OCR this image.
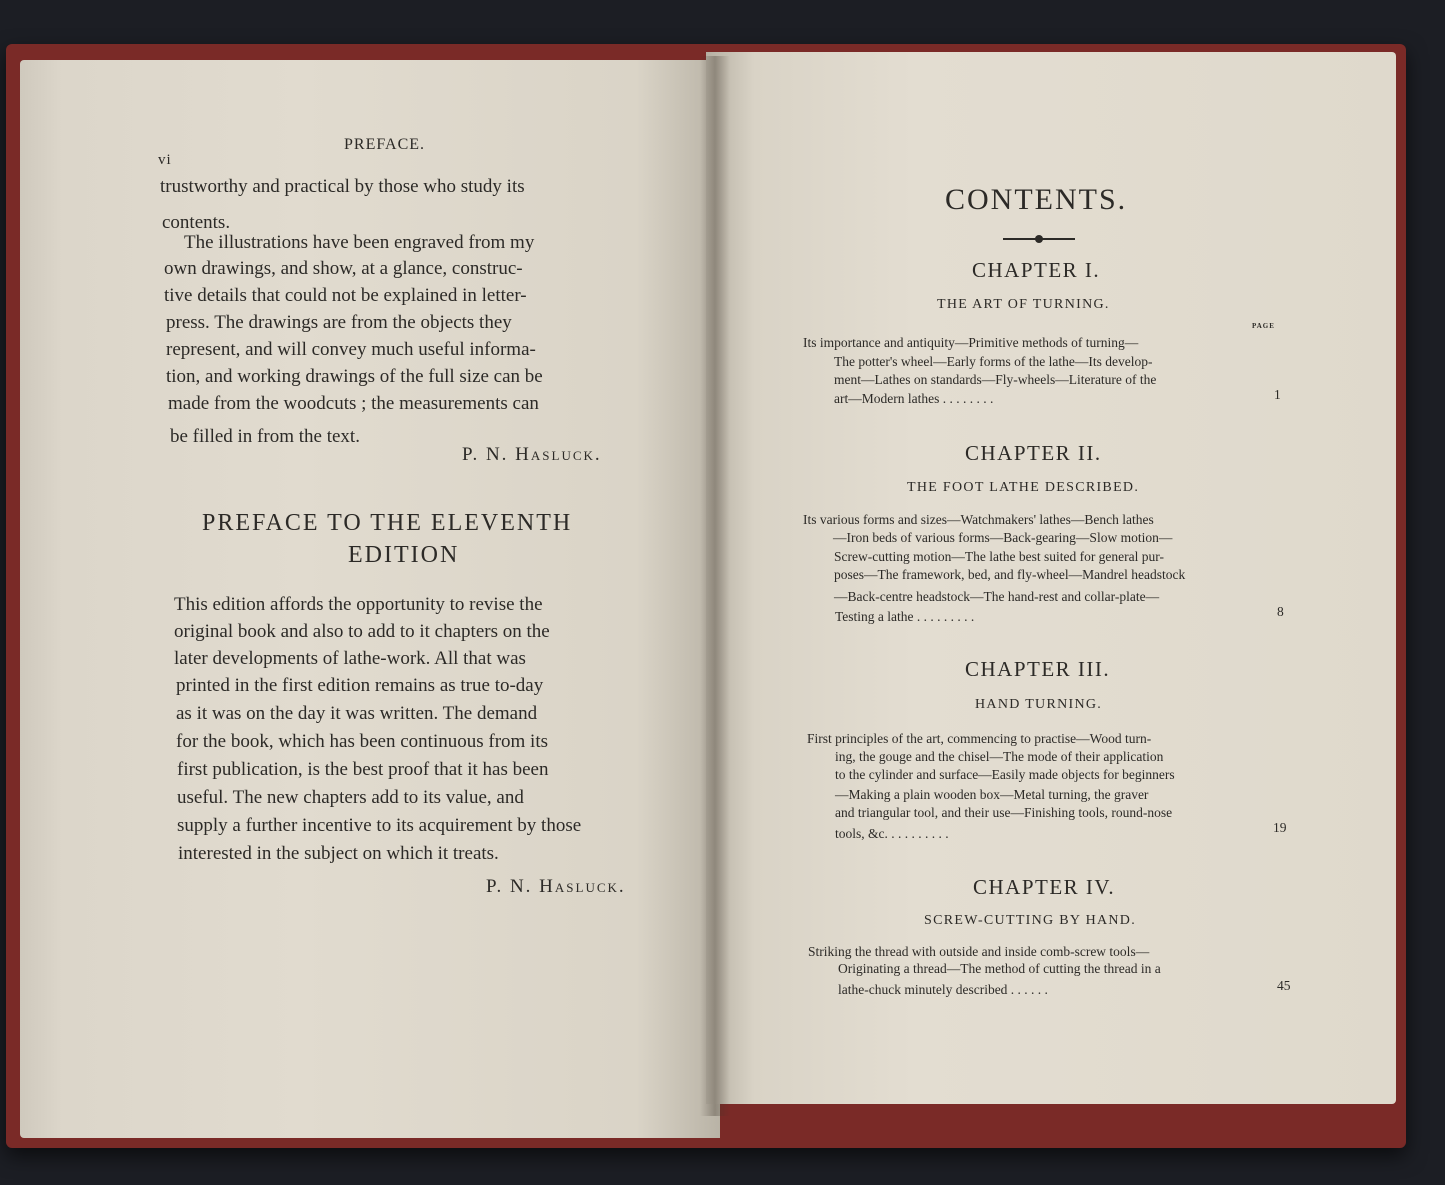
vi
PREFACE.
trustworthy and practical by those who study its
contents.
The illustrations have been engraved from my
own drawings, and show, at a glance, construc-
tive details that could not be explained in letter-
press. The drawings are from the objects they
represent, and will convey much useful informa-
tion, and working drawings of the full size can be
made from the woodcuts ; the measurements can
be filled in from the text.
P. N. Hasluck.
PREFACE TO THE ELEVENTH
EDITION
This edition affords the opportunity to revise the
original book and also to add to it chapters on the
later developments of lathe-work. All that was
printed in the first edition remains as true to-day
as it was on the day it was written. The demand
for the book, which has been continuous from its
first publication, is the best proof that it has been
useful. The new chapters add to its value, and
supply a further incentive to its acquirement by those
interested in the subject on which it treats.
P. N. Hasluck.
CONTENTS.
CHAPTER I.
THE ART OF TURNING.
PAGE
Its importance and antiquity—Primitive methods of turning—
The potter's wheel—Early forms of the lathe—Its develop-
ment—Lathes on standards—Fly-wheels—Literature of the
art—Modern lathes . . . . . . . .	1
CHAPTER II.
THE FOOT LATHE DESCRIBED.
Its various forms and sizes—Watchmakers' lathes—Bench lathes
—Iron beds of various forms—Back-gearing—Slow motion—
Screw-cutting motion—The lathe best suited for general pur-
poses—The framework, bed, and fly-wheel—Mandrel headstock
—Back-centre headstock—The hand-rest and collar-plate—
Testing a lathe . . . . . . . . .	8
CHAPTER III.
HAND TURNING.
First principles of the art, commencing to practise—Wood turn-
ing, the gouge and the chisel—The mode of their application
to the cylinder and surface—Easily made objects for beginners
—Making a plain wooden box—Metal turning, the graver
and triangular tool, and their use—Finishing tools, round-nose
tools, &c. . . . . . . . . .	19
CHAPTER IV.
SCREW-CUTTING BY HAND.
Striking the thread with outside and inside comb-screw tools—
Originating a thread—The method of cutting the thread in a
lathe-chuck minutely described . . . . . .	45
